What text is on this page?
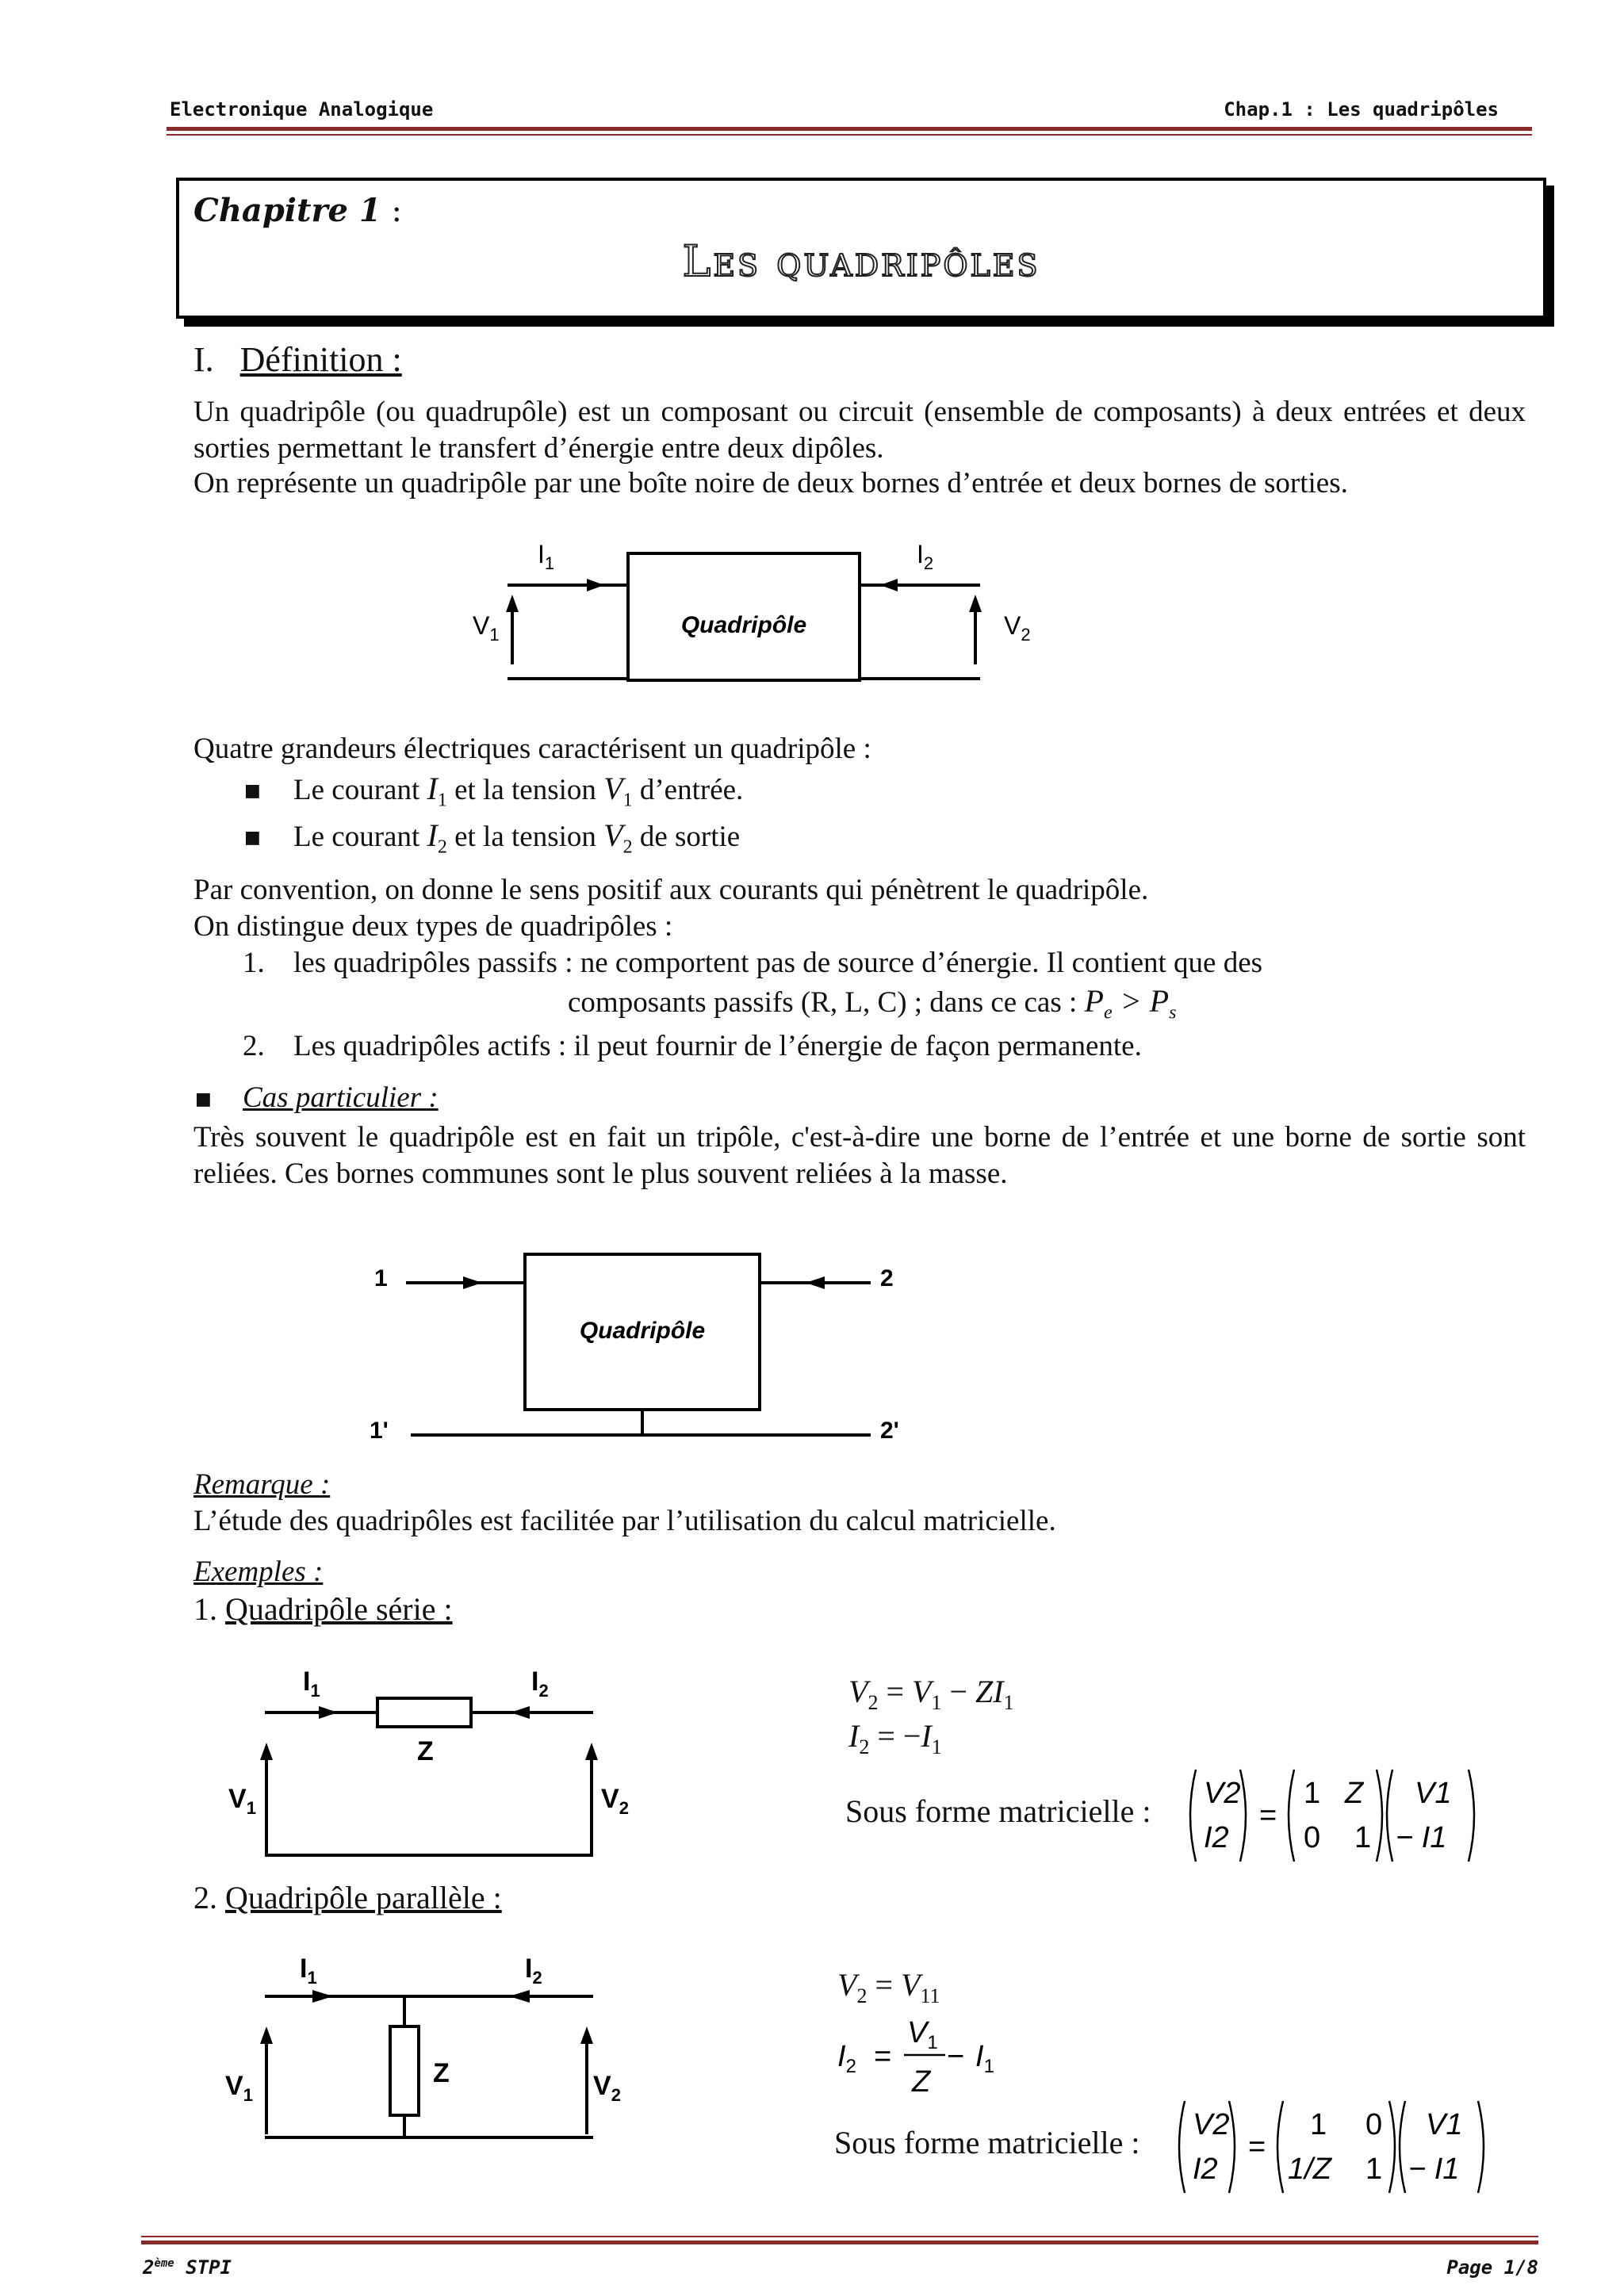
Electronique Analogique	Chap.1 : Les quadripôles
Chapitre 1 :
Les quadripôles
I. Définition :
Un quadripôle (ou quadrupôle) est un composant ou circuit (ensemble de composants) à deux entrées et deux sorties permettant le transfert d’énergie entre deux dipôles.
On représente un quadripôle par une boîte noire de deux bornes d’entrée et deux bornes de sorties.
Quadripôle
$I_1$	$I_2$
$V_1$	$V_2$
Quatre grandeurs électriques caractérisent un quadripôle :
■ Le courant $I_1$ et la tension $V_1$ d’entrée.
■ Le courant $I_2$ et la tension $V_2$ de sortie
Par convention, on donne le sens positif aux courants qui pénètrent le quadripôle.
On distingue deux types de quadripôles :
1. les quadripôles passifs : ne comportent pas de source d’énergie. Il contient que des
composants passifs (R, L, C) ; dans ce cas : $P_e > P_s$
2. Les quadripôles actifs : il peut fournir de l’énergie de façon permanente.
■ Cas particulier :
Très souvent le quadripôle est en fait un tripôle, c'est-à-dire une borne de l’entrée et une borne de sortie sont reliées. Ces bornes communes sont le plus souvent reliées à la masse.
Quadripôle
1	2
1'	2'
Remarque :
L’étude des quadripôles est facilitée par l’utilisation du calcul matricielle.
Exemples :
1. Quadripôle série :
$I_1$	$I_2$
Z
$V_1$	$V_2$
$V_2 = V_1 - ZI_1$
$I_2 = -I_1$
Sous forme matricielle : V2
I2
=
1 Z
0 1
V1
− I1
2. Quadripôle parallèle :
$I_1$	$I_2$
Z
$V_1$	$V_2$
$V_2 = V_{11}$
$I_2$ =
$V_1$
Z
− $I_1$
Sous forme matricielle : V2
I2
=
1 0
1/Z 1
V1
− I1
2ème STPI	Page 1/8
